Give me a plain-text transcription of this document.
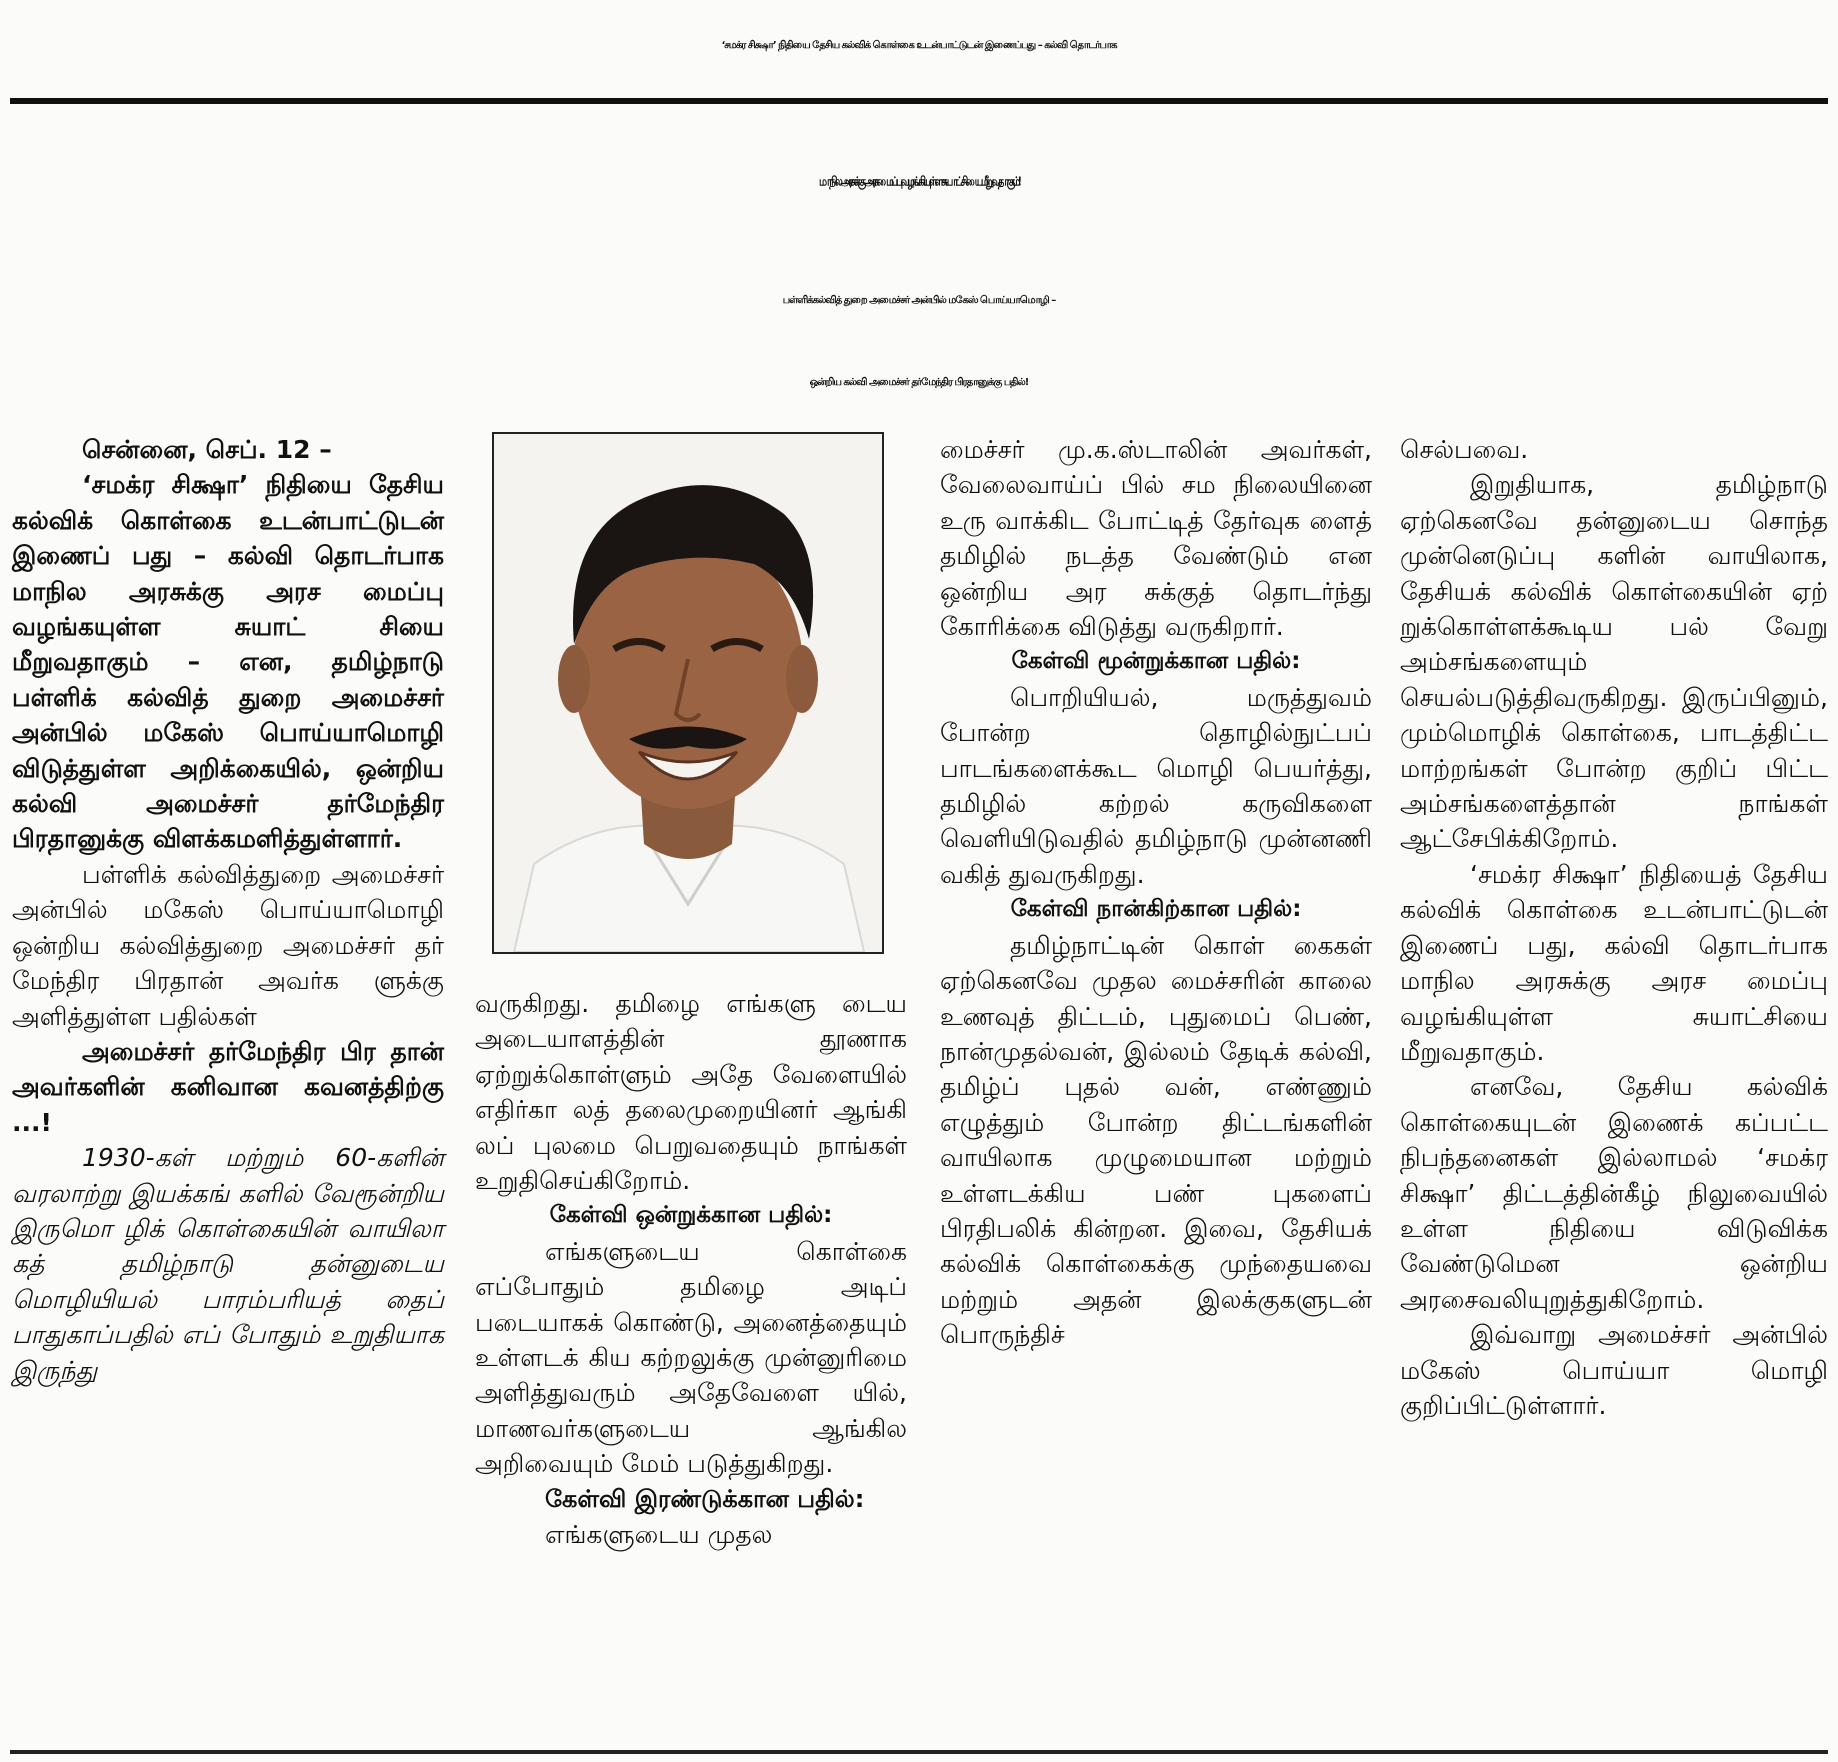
‘சமக்ர சிக்ஷா’ நிதியை தேசிய கல்விக் கொள்கை உடன்பாட்டுடன் இணைப்பது – கல்வி தொடர்பாக
மாநில அரசுக்கு அரசமைப்பு வழங்கியுள்ள சுயாட்சியை மீறுவதாகும்!
பள்ளிக்கல்வித் துறை அமைச்சர் அன்பில் மகேஸ் பொய்யாமொழி –
ஒன்றிய கல்வி அமைச்சர் தர்மேந்திர பிரதானுக்கு பதில்!

சென்னை, செப். 12 –

‘சமக்ர சிக்ஷா’ நிதியை தேசிய கல்விக் கொள்கை உடன்பாட்டுடன் இணைப் பது – கல்வி தொடர்பாக மாநில அரசுக்கு அரச மைப்பு வழங்கயுள்ள சுயாட் சியை மீறுவதாகும் – என, தமிழ்நாடு பள்ளிக் கல்வித் துறை அமைச்சர் அன்பில் மகேஸ் பொய்யாமொழி விடுத்துள்ள அறிக்கையில், ஒன்றிய கல்வி அமைச்சர் தர்மேந்திர பிரதானுக்கு விளக்கமளித்துள்ளார்.

பள்ளிக் கல்வித்துறை அமைச்சர் அன்பில் மகேஸ் பொய்யாமொழி ஒன்றிய கல்வித்துறை அமைச்சர் தர் மேந்திர பிரதான் அவர்க ளுக்கு அளித்துள்ள பதில்கள்

அமைச்சர் தர்மேந்திர பிர தான் அவர்களின் கனிவான கவனத்திற்கு ...!

1930-கள் மற்றும் 60-களின் வரலாற்று இயக்கங் களில் வேரூன்றிய இருமொ ழிக் கொள்கையின் வாயிலா கத் தமிழ்நாடு தன்னுடைய மொழியியல் பாரம்பரியத் தைப் பாதுகாப்பதில் எப் போதும் உறுதியாக இருந்து

வருகிறது. தமிழை எங்களு டைய அடையாளத்தின் தூணாக ஏற்றுக்கொள்ளும் அதே வேளையில் எதிர்கா லத் தலைமுறையினர் ஆங்கி லப் புலமை பெறுவதையும் நாங்கள் உறுதிசெய்கிறோம்.

கேள்வி ஒன்றுக்கான பதில்:

எங்களுடைய கொள்கை எப்போதும் தமிழை அடிப் படையாகக் கொண்டு, அனைத்தையும் உள்ளடக் கிய கற்றலுக்கு முன்னுரிமை அளித்துவரும் அதேவேளை யில், மாணவர்களுடைய ஆங்கில அறிவையும் மேம் படுத்துகிறது.

கேள்வி இரண்டுக்கான பதில்:

எங்களுடைய முதல

மைச்சர் மு.க.ஸ்டாலின் அவர்கள், வேலைவாய்ப் பில் சம நிலையினை உரு வாக்கிட போட்டித் தேர்வுக ளைத் தமிழில் நடத்த வேண்டும் என ஒன்றிய அர சுக்குத் தொடர்ந்து கோரிக்கை விடுத்து வருகிறார்.

கேள்வி மூன்றுக்கான பதில்:

பொறியியல், மருத்துவம் போன்ற தொழில்நுட்பப் பாடங்களைக்கூட மொழி பெயர்த்து, தமிழில் கற்றல் கருவிகளை வெளியிடுவதில் தமிழ்நாடு முன்னணி வகித் துவருகிறது.

கேள்வி நான்கிற்கான பதில்:

தமிழ்நாட்டின் கொள் கைகள் ஏற்கெனவே முதல மைச்சரின் காலை உணவுத் திட்டம், புதுமைப் பெண், நான்முதல்வன், இல்லம் தேடிக் கல்வி, தமிழ்ப் புதல் வன், எண்ணும் எழுத்தும் போன்ற திட்டங்களின் வாயிலாக முழுமையான மற்றும் உள்ளடக்கிய பண் புகளைப் பிரதிபலிக் கின்றன. இவை, தேசியக் கல்விக் கொள்கைக்கு முந்தையவை மற்றும் அதன் இலக்குகளுடன் பொருந்திச்

செல்பவை.

இறுதியாக, தமிழ்நாடு ஏற்கெனவே தன்னுடைய சொந்த முன்னெடுப்பு களின் வாயிலாக, தேசியக் கல்விக் கொள்கையின் ஏற் றுக்கொள்ளக்கூடிய பல் வேறு அம்சங்களையும் செயல்படுத்திவருகிறது. இருப்பினும், மும்மொழிக் கொள்கை, பாடத்திட்ட மாற்றங்கள் போன்ற குறிப் பிட்ட அம்சங்களைத்தான் நாங்கள் ஆட்சேபிக்கிறோம்.

‘சமக்ர சிக்ஷா’ நிதியைத் தேசிய கல்விக் கொள்கை உடன்பாட்டுடன் இணைப் பது, கல்வி தொடர்பாக மாநில அரசுக்கு அரச மைப்பு வழங்கியுள்ள சுயாட்சியை மீறுவதாகும்.

எனவே, தேசிய கல்விக் கொள்கையுடன் இணைக் கப்பட்ட நிபந்தனைகள் இல்லாமல் ‘சமக்ர சிக்ஷா’ திட்டத்தின்கீழ் நிலுவையில் உள்ள நிதியை விடுவிக்க வேண்டுமென ஒன்றிய அரசைவலியுறுத்துகிறோம்.

இவ்வாறு அமைச்சர் அன்பில் மகேஸ் பொய்யா மொழி குறிப்பிட்டுள்ளார்.
